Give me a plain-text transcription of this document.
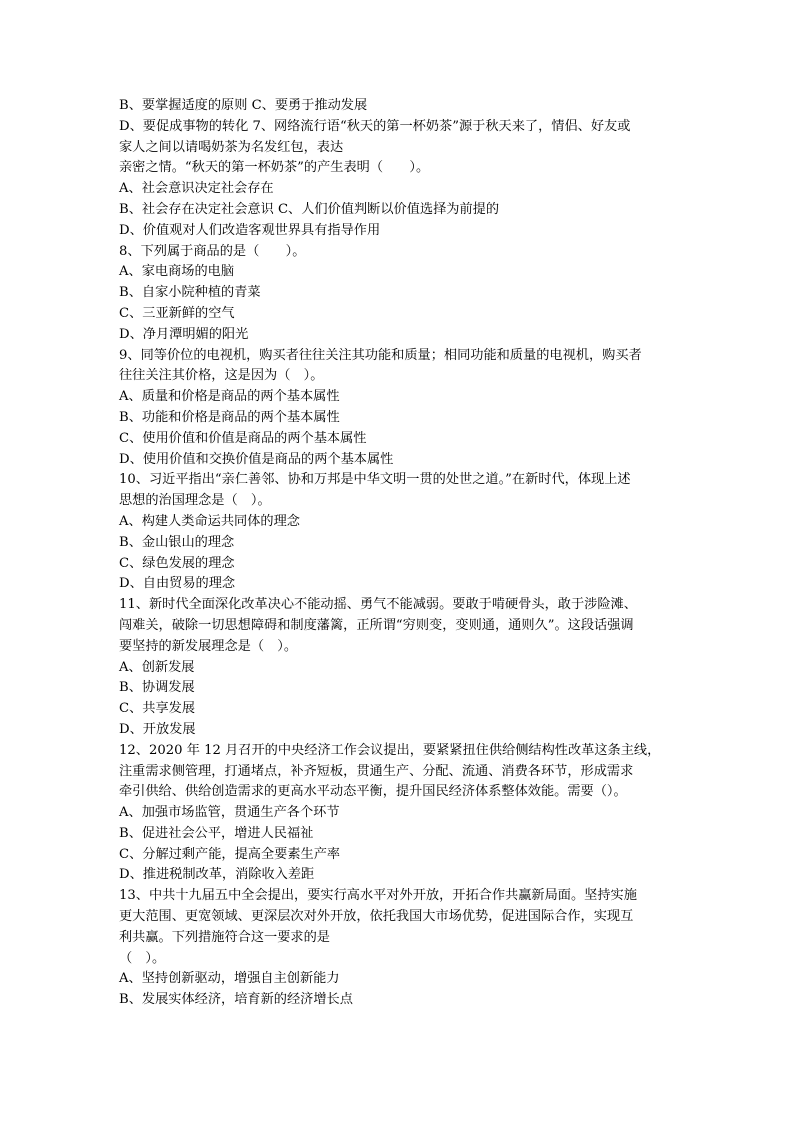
B、要掌握适度的原则 C、要勇于推动发展
D、要促成事物的转化 7、网络流行语“秋天的第一杯奶茶”源于秋天来了，情侣、好友或
家人之间以请喝奶茶为名发红包，表达
亲密之情。“秋天的第一杯奶茶”的产生表明（　　）。
A、社会意识决定社会存在
B、社会存在决定社会意识 C、人们价值判断以价值选择为前提的
D、价值观对人们改造客观世界具有指导作用
8、下列属于商品的是（　　）。
A、家电商场的电脑
B、自家小院种植的青菜
C、三亚新鲜的空气
D、净月潭明媚的阳光
9、同等价位的电视机，购买者往往关注其功能和质量；相同功能和质量的电视机，购买者
往往关注其价格，这是因为（　）。
A、质量和价格是商品的两个基本属性
B、功能和价格是商品的两个基本属性
C、使用价值和价值是商品的两个基本属性
D、使用价值和交换价值是商品的两个基本属性
10、习近平指出“亲仁善邻、协和万邦是中华文明一贯的处世之道。”在新时代，体现上述
思想的治国理念是（　）。
A、构建人类命运共同体的理念
B、金山银山的理念
C、绿色发展的理念
D、自由贸易的理念
11、新时代全面深化改革决心不能动摇、勇气不能减弱。要敢于啃硬骨头，敢于涉险滩、
闯难关，破除一切思想障碍和制度藩篱，正所谓“穷则变，变则通，通则久”。这段话强调
要坚持的新发展理念是（　）。
A、创新发展
B、协调发展
C、共享发展
D、开放发展
12、2020 年 12 月召开的中央经济工作会议提出，要紧紧扭住供给侧结构性改革这条主线，
注重需求侧管理，打通堵点，补齐短板，贯通生产、分配、流通、消费各环节，形成需求
牵引供给、供给创造需求的更高水平动态平衡，提升国民经济体系整体效能。需要（）。
A、加强市场监管，贯通生产各个环节
B、促进社会公平，增进人民福祉
C、分解过剩产能，提高全要素生产率
D、推进税制改革，消除收入差距
13、中共十九届五中全会提出，要实行高水平对外开放，开拓合作共赢新局面。坚持实施
更大范围、更宽领域、更深层次对外开放，依托我国大市场优势，促进国际合作，实现互
利共赢。下列措施符合这一要求的是
（　）。
A、坚持创新驱动，增强自主创新能力
B、发展实体经济，培育新的经济增长点
